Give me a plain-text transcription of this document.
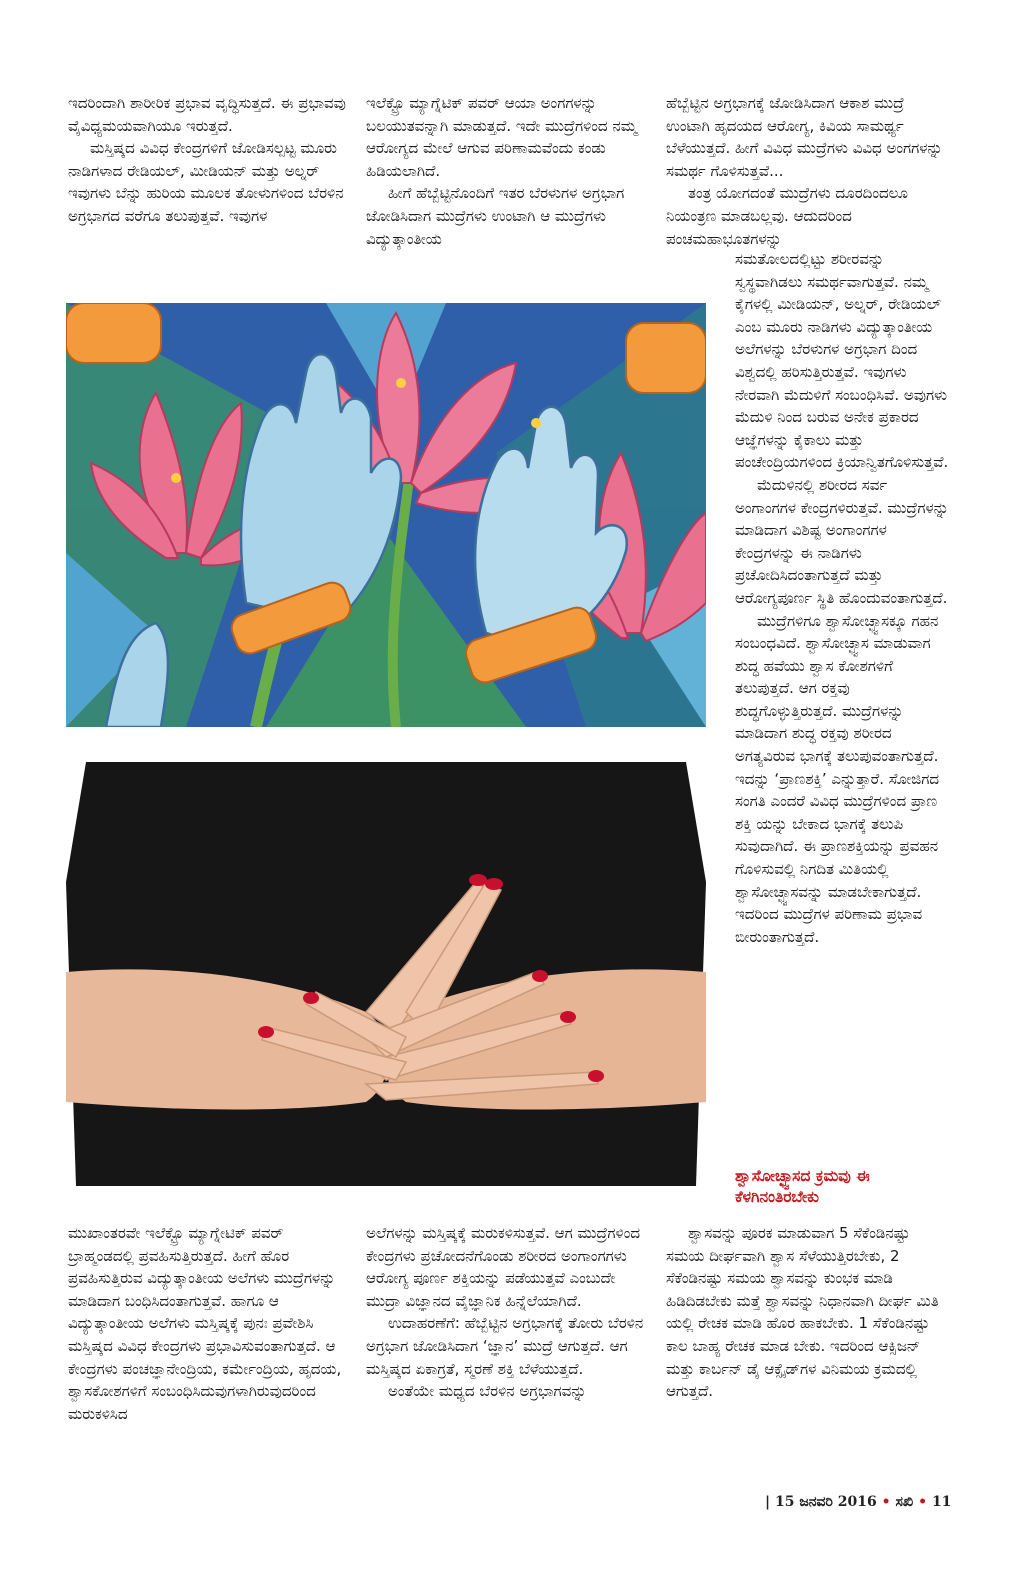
ಇದರಿಂದಾಗಿ ಶಾರೀರಿಕ ಪ್ರಭಾವ ವೃದ್ಧಿಸುತ್ತದೆ. ಈ ಪ್ರಭಾವವು ವೈವಿಧ್ಯಮಯವಾಗಿಯೂ ಇರುತ್ತದೆ.

ಮಸ್ತಿಷ್ಕದ ವಿವಿಧ ಕೇಂದ್ರಗಳಿಗೆ ಜೋಡಿಸಲ್ಪಟ್ಟ ಮೂರು ನಾಡಿಗಳಾದ ರೇಡಿಯಲ್, ಮೀಡಿಯನ್ ಮತ್ತು ಅಲ್ನರ್ ಇವುಗಳು ಬೆನ್ನು ಹುರಿಯ ಮೂಲಕ ತೋಳುಗಳಿಂದ ಬೆರಳಿನ ಅಗ್ರಭಾಗದ ವರೆಗೂ ತಲುಪುತ್ತವೆ. ಇವುಗಳ

ಇಲೆಕ್ಟ್ರೊ ಮ್ಯಾಗ್ನೆಟಿಕ್ ಪವರ್ ಆಯಾ ಅಂಗಗಳನ್ನು ಬಲಯುತವನ್ನಾಗಿ ಮಾಡುತ್ತದೆ. ಇದೇ ಮುದ್ರೆಗಳಿಂದ ನಮ್ಮ ಆರೋಗ್ಯದ ಮೇಲೆ ಆಗುವ ಪರಿಣಾಮವೆಂದು ಕಂಡು ಹಿಡಿಯಲಾಗಿದೆ.

ಹೀಗೆ ಹೆಬ್ಬೆಟ್ಟಿನೊಂದಿಗೆ ಇತರ ಬೆರಳುಗಳ ಅಗ್ರಭಾಗ ಜೋಡಿಸಿದಾಗ ಮುದ್ರೆಗಳು ಉಂಟಾಗಿ ಆ ಮುದ್ರೆಗಳು ವಿದ್ಯುತ್ಕಾಂತೀಯ

ಹೆಬ್ಬೆಟ್ಟಿನ ಅಗ್ರಭಾಗಕ್ಕೆ ಜೋಡಿಸಿದಾಗ ಆಕಾಶ ಮುದ್ರೆ ಉಂಟಾಗಿ ಹೃದಯದ ಆರೋಗ್ಯ, ಕಿವಿಯ ಸಾಮರ್ಥ್ಯ ಬೆಳೆಯುತ್ತದೆ. ಹೀಗೆ ವಿವಿಧ ಮುದ್ರೆಗಳು ವಿವಿಧ ಅಂಗಗಳನ್ನು ಸಮರ್ಥ ಗೊಳಿಸುತ್ತವೆ...

ತಂತ್ರ ಯೋಗದಂತೆ ಮುದ್ರೆಗಳು ದೂರದಿಂದಲೂ ನಿಯಂತ್ರಣ ಮಾಡಬಲ್ಲವು. ಆದುದರಿಂದ ಪಂಚಮಹಾಭೂತಗಳನ್ನು

ಸಮತೋಲದಲ್ಲಿಟ್ಟು ಶರೀರವನ್ನು ಸ್ವಸ್ಥವಾಗಿಡಲು ಸಮರ್ಥವಾಗುತ್ತವೆ. ನಮ್ಮ ಕೈಗಳಲ್ಲಿ ಮೀಡಿಯನ್, ಅಲ್ನರ್, ರೇಡಿಯಲ್ ಎಂಬ ಮೂರು ನಾಡಿಗಳು ವಿದ್ಯುತ್ಕಾಂತೀಯ ಅಲೆಗಳನ್ನು ಬೆರಳುಗಳ ಅಗ್ರಭಾಗ ದಿಂದ ವಿಶ್ವದಲ್ಲಿ ಹರಿಸುತ್ತಿರುತ್ತವೆ. ಇವುಗಳು ನೇರವಾಗಿ ಮೆದುಳಿಗೆ ಸಂಬಂಧಿಸಿವೆ. ಅವುಗಳು ಮೆದುಳಿ ನಿಂದ ಬರುವ ಅನೇಕ ಪ್ರಕಾರದ ಆಜ್ಞೆಗಳನ್ನು ಕೈಕಾಲು ಮತ್ತು ಪಂಚೇಂದ್ರಿಯಗಳಿಂದ ಕ್ರಿಯಾನ್ವಿತಗೊಳಿಸುತ್ತವೆ.

ಮೆದುಳಿನಲ್ಲಿ ಶರೀರದ ಸರ್ವ ಅಂಗಾಂಗಗಳ ಕೇಂದ್ರಗಳಿರುತ್ತವೆ. ಮುದ್ರೆಗಳನ್ನು ಮಾಡಿದಾಗ ವಿಶಿಷ್ಟ ಅಂಗಾಂಗಗಳ ಕೇಂದ್ರಗಳನ್ನು ಈ ನಾಡಿಗಳು ಪ್ರಚೋದಿಸಿದಂತಾಗುತ್ತದೆ ಮತ್ತು ಆರೋಗ್ಯಪೂರ್ಣ ಸ್ಥಿತಿ ಹೊಂದುವಂತಾಗುತ್ತದೆ.

ಮುದ್ರೆಗಳಿಗೂ ಶ್ವಾಸೋಚ್ಛ್ವಾಸಕ್ಕೂ ಗಹನ ಸಂಬಂಧವಿದೆ. ಶ್ವಾಸೋಚ್ಛ್ವಾಸ ಮಾಡುವಾಗ ಶುದ್ಧ ಹವೆಯು ಶ್ವಾಸ ಕೋಶಗಳಿಗೆ ತಲುಪುತ್ತದೆ. ಆಗ ರಕ್ತವು ಶುದ್ಧಗೊಳ್ಳುತ್ತಿರುತ್ತದೆ. ಮುದ್ರೆಗಳನ್ನು ಮಾಡಿದಾಗ ಶುದ್ಧ ರಕ್ತವು ಶರೀರದ ಅಗತ್ಯವಿರುವ ಭಾಗಕ್ಕೆ ತಲುಪುವಂತಾಗುತ್ತದೆ. ಇದನ್ನು ‘ಪ್ರಾಣಶಕ್ತಿ’ ಎನ್ನುತ್ತಾರೆ. ಸೋಜಿಗದ ಸಂಗತಿ ಎಂದರೆ ವಿವಿಧ ಮುದ್ರೆಗಳಿಂದ ಪ್ರಾಣ ಶಕ್ತಿ ಯನ್ನು ಬೇಕಾದ ಭಾಗಕ್ಕೆ ತಲುಪಿ ಸುವುದಾಗಿದೆ. ಈ ಪ್ರಾಣಶಕ್ತಿಯನ್ನು ಪ್ರವಹನ ಗೊಳಿಸುವಲ್ಲಿ ನಿಗದಿತ ಮಿತಿಯಲ್ಲಿ ಶ್ವಾಸೋಚ್ಛ್ವಾಸವನ್ನು ಮಾಡಬೇಕಾಗುತ್ತದೆ. ಇದರಿಂದ ಮುದ್ರೆಗಳ ಪರಿಣಾಮ ಪ್ರಭಾವ ಬೀರುಂತಾಗುತ್ತದೆ.

ಶ್ವಾಸೋಚ್ಛ್ವಾಸದ ಕ್ರಮವು ಈ ಕೆಳಗಿನಂತಿರಬೇಕು

ಮುಖಾಂತರವೇ ಇಲೆಕ್ಟ್ರೊ ಮ್ಯಾಗ್ನೇಟಿಕ್ ಪವರ್ ಬ್ರಾಹ್ಮಂಡದಲ್ಲಿ ಪ್ರವಹಿಸುತ್ತಿರುತ್ತದೆ. ಹೀಗೆ ಹೊರ ಪ್ರವಹಿಸುತ್ತಿರುವ ವಿದ್ಯುತ್ಕಾಂತೀಯ ಅಲೆಗಳು ಮುದ್ರೆಗಳನ್ನು ಮಾಡಿದಾಗ ಬಂಧಿಸಿದಂತಾಗುತ್ತವೆ. ಹಾಗೂ ಆ ವಿದ್ಯುತ್ಕಾಂತೀಯ ಅಲೆಗಳು ಮಸ್ತಿಷ್ಕಕ್ಕೆ ಪುನಃ ಪ್ರವೇಶಿಸಿ ಮಸ್ತಿಷ್ಕದ ವಿವಿಧ ಕೇಂದ್ರಗಳು ಪ್ರಭಾವಿಸುವಂತಾಗುತ್ತದೆ. ಆ ಕೇಂದ್ರಗಳು ಪಂಚಜ್ಞಾನೇಂದ್ರಿಯ, ಕರ್ಮೇಂದ್ರಿಯ, ಹೃದಯ, ಶ್ವಾಸಕೋಶಗಳಿಗೆ ಸಂಬಂಧಿಸಿದುವುಗಳಾಗಿರುವುದರಿಂದ ಮರುಕಳಿಸಿದ

ಅಲೆಗಳನ್ನು ಮಸ್ತಿಷ್ಕಕ್ಕೆ ಮರುಕಳಿಸುತ್ತವೆ. ಆಗ ಮುದ್ರೆಗಳಿಂದ ಕೇಂದ್ರಗಳು ಪ್ರಚೋದನೆಗೊಂಡು ಶರೀರದ ಅಂಗಾಂಗಗಳು ಆರೋಗ್ಯ ಪೂರ್ಣ ಶಕ್ತಿಯನ್ನು ಪಡೆಯುತ್ತವೆ ಎಂಬುದೇ ಮುದ್ರಾ ವಿಜ್ಞಾನದ ವೈಜ್ಞಾನಿಕ ಹಿನ್ನೆಲೆಯಾಗಿದೆ.

ಉದಾಹರಣೆಗೆ: ಹೆಬ್ಬೆಟ್ಟಿನ ಅಗ್ರಭಾಗಕ್ಕೆ ತೋರು ಬೆರಳಿನ ಅಗ್ರಭಾಗ ಜೋಡಿಸಿದಾಗ ‘ಜ್ಞಾನ’ ಮುದ್ರೆ ಆಗುತ್ತದೆ. ಆಗ ಮಸ್ತಿಷ್ಕದ ಏಕಾಗ್ರತೆ, ಸ್ಮರಣೆ ಶಕ್ತಿ ಬೆಳೆಯುತ್ತದೆ.

ಅಂತೆಯೇ ಮಧ್ಯದ ಬೆರಳಿನ ಅಗ್ರಭಾಗವನ್ನು

ಶ್ವಾಸವನ್ನು ಪೂರಕ ಮಾಡುವಾಗ 5 ಸೆಕೆಂಡಿನಷ್ಟು ಸಮಯ ದೀರ್ಘವಾಗಿ ಶ್ವಾಸ ಸೆಳೆಯುತ್ತಿರಬೇಕು, 2 ಸೆಕೆಂಡಿನಷ್ಟು ಸಮಯ ಶ್ವಾಸವನ್ನು ಕುಂಭಕ ಮಾಡಿ ಹಿಡಿದಿಡಬೇಕು ಮತ್ತೆ ಶ್ವಾಸವನ್ನು ನಿಧಾನವಾಗಿ ದೀರ್ಘ ಮಿತಿ ಯಲ್ಲಿ ರೇಚಕ ಮಾಡಿ ಹೊರ ಹಾಕಬೇಕು. 1 ಸೆಕೆಂಡಿನಷ್ಟು ಕಾಲ ಬಾಹ್ಯ ರೇಚಕ ಮಾಡ ಬೇಕು. ಇದರಿಂದ ಆಕ್ಸಿಜನ್ ಮತ್ತು ಕಾರ್ಬನ್ ಡೈ ಆಕ್ಸೈಡ್‌ಗಳ ವಿನಿಮಯ ಕ್ರಮದಲ್ಲಿ ಆಗುತ್ತದೆ.

| 15 ಜನವರಿ 2016 • ಸಖಿ • 11
